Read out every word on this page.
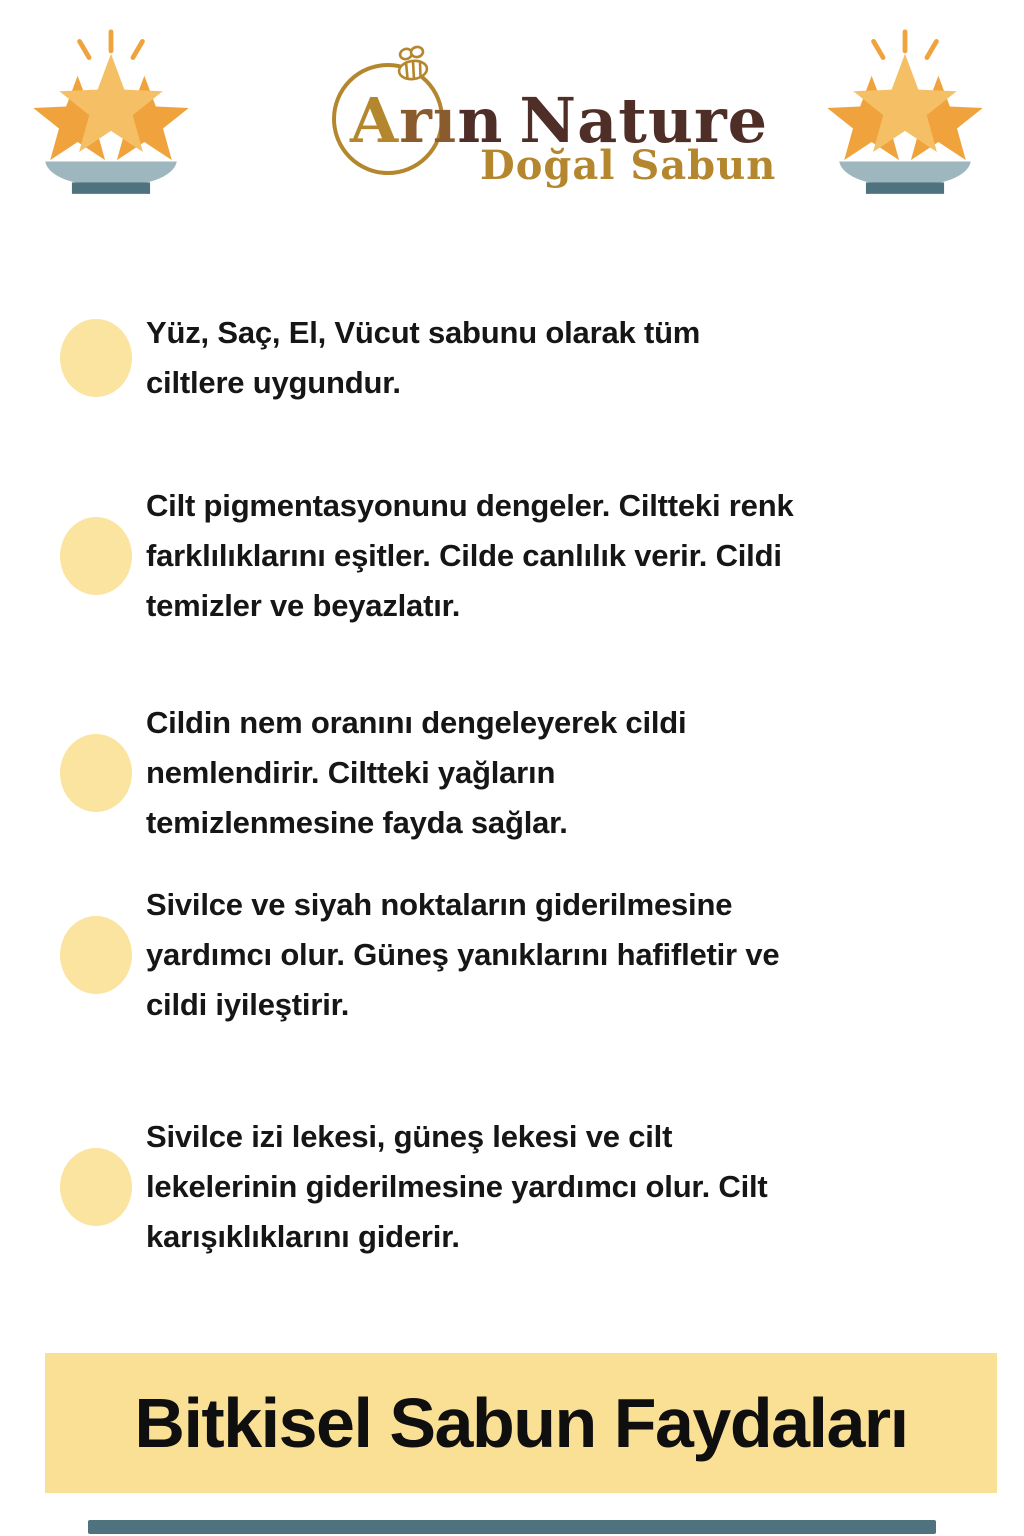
Arın Nature
Doğal Sabun
Yüz, Saç, El, Vücut sabunu olarak tüm
ciltlere uygundur.
Cilt pigmentasyonunu dengeler. Ciltteki renk
farklılıklarını eşitler. Cilde canlılık verir. Cildi
temizler ve beyazlatır.
Cildin nem oranını dengeleyerek cildi
nemlendirir. Ciltteki yağların
temizlenmesine fayda sağlar.
Sivilce ve siyah noktaların giderilmesine
yardımcı olur. Güneş yanıklarını hafifletir ve
cildi iyileştirir.
Sivilce izi lekesi, güneş lekesi ve cilt
lekelerinin giderilmesine yardımcı olur. Cilt
karışıklıklarını giderir.
Bitkisel Sabun Faydaları
